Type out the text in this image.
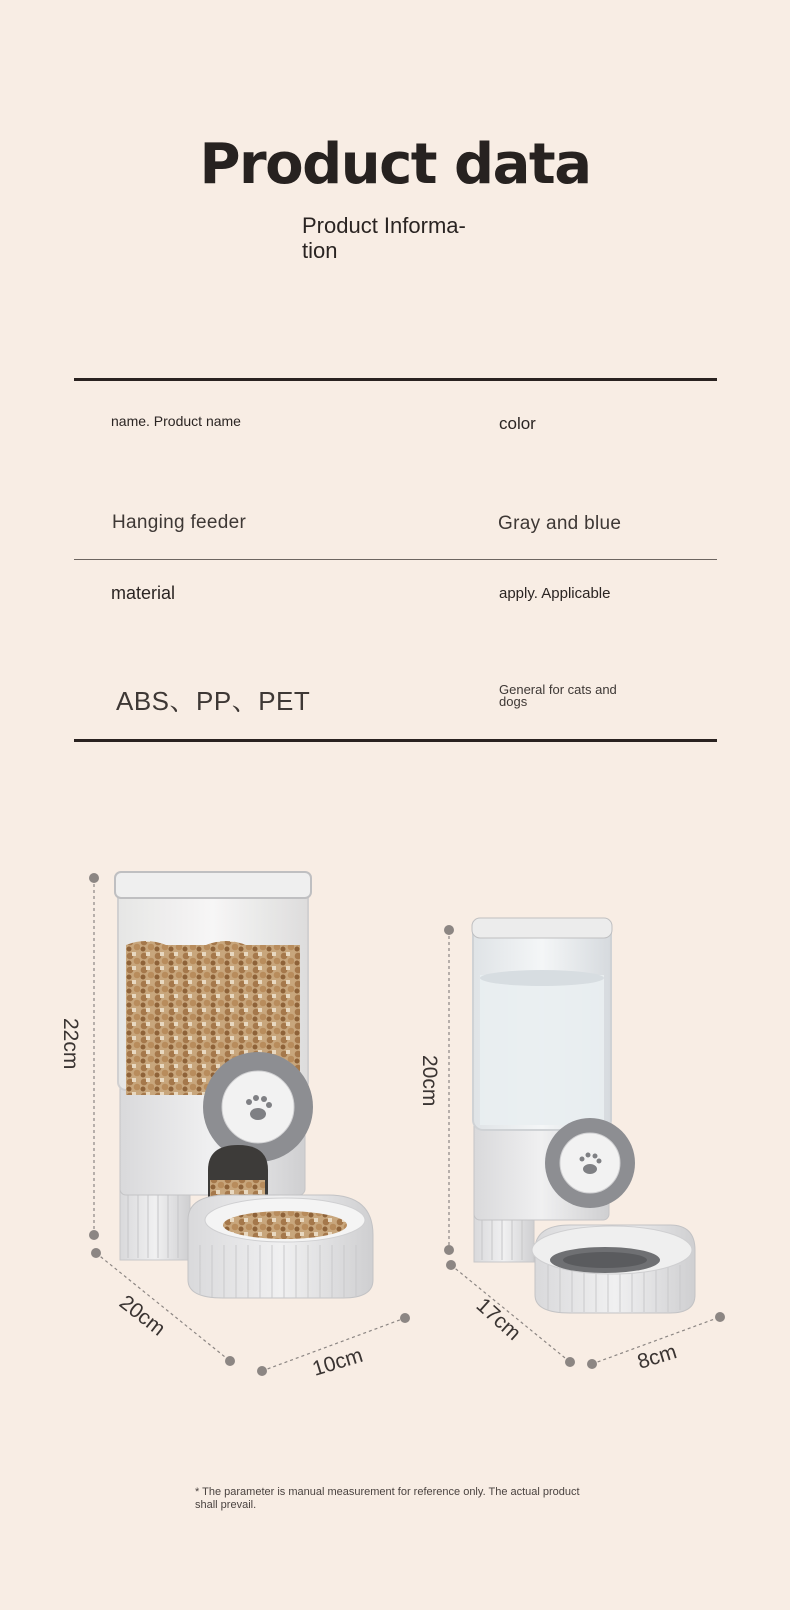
Product data
Product Informa-tion
name. Product name	color
Hanging feeder	Gray and blue
material	apply. Applicable
ABS、PP、PET	General for cats and dogs
22cm
20cm
10cm
20cm
17cm
8cm
* The parameter is manual measurement for reference only. The actual product shall prevail.
